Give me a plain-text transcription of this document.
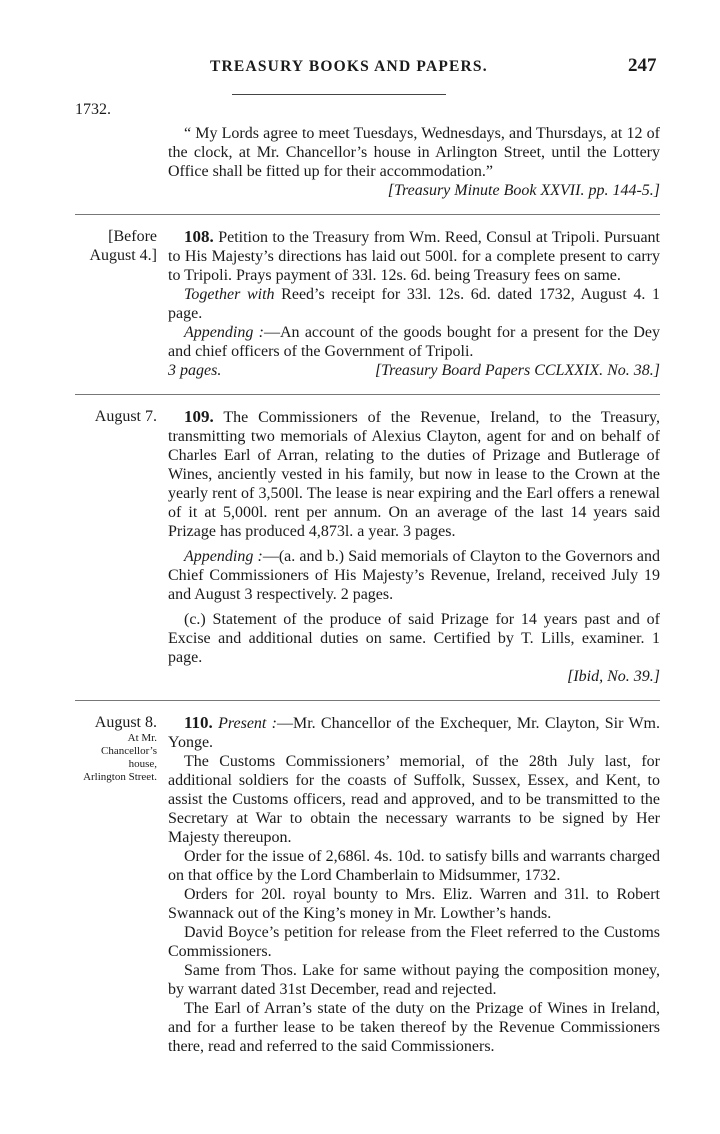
TREASURY BOOKS AND PAPERS.	247
1732.

“ My Lords agree to meet Tuesdays, Wednesdays, and Thursdays, at 12 of the clock, at Mr. Chancellor’s house in Arlington Street, until the Lottery Office shall be fitted up for their accommodation.”

[Treasury Minute Book XXVII. pp. 144-5.]
[Before
August 4.]

108. Petition to the Treasury from Wm. Reed, Consul at Tripoli. Pursuant to His Majesty’s directions has laid out 500l. for a complete present to carry to Tripoli. Prays payment of 33l. 12s. 6d. being Treasury fees on same.

Together with Reed’s receipt for 33l. 12s. 6d. dated 1732, August 4. 1 page.

Appending :—An account of the goods bought for a present for the Dey and chief officers of the Government of Tripoli.

3 pages.	[Treasury Board Papers CCLXXIX. No. 38.]
August 7.	109. The Commissioners of the Revenue, Ireland, to the Treasury, transmitting two memorials of Alexius Clayton, agent for and on behalf of Charles Earl of Arran, relating to the duties of Prizage and Butlerage of Wines, anciently vested in his family, but now in lease to the Crown at the yearly rent of 3,500l. The lease is near expiring and the Earl offers a renewal of it at 5,000l. rent per annum. On an average of the last 14 years said Prizage has produced 4,873l. a year. 3 pages.

Appending :—(a. and b.) Said memorials of Clayton to the Governors and Chief Commissioners of His Majesty’s Revenue, Ireland, received July 19 and August 3 respectively. 2 pages.

(c.) Statement of the produce of said Prizage for 14 years past and of Excise and additional duties on same. Certified by T. Lills, examiner. 1 page.

[Ibid, No. 39.]
August 8.
At Mr.
Chancellor’s
house,
Arlington Street.

110. Present :—Mr. Chancellor of the Exchequer, Mr. Clayton, Sir Wm. Yonge.

The Customs Commissioners’ memorial, of the 28th July last, for additional soldiers for the coasts of Suffolk, Sussex, Essex, and Kent, to assist the Customs officers, read and approved, and to be transmitted to the Secretary at War to obtain the necessary warrants to be signed by Her Majesty thereupon.

Order for the issue of 2,686l. 4s. 10d. to satisfy bills and warrants charged on that office by the Lord Chamberlain to Midsummer, 1732.

Orders for 20l. royal bounty to Mrs. Eliz. Warren and 31l. to Robert Swannack out of the King’s money in Mr. Lowther’s hands.

David Boyce’s petition for release from the Fleet referred to the Customs Commissioners.

Same from Thos. Lake for same without paying the composition money, by warrant dated 31st December, read and rejected.

The Earl of Arran’s state of the duty on the Prizage of Wines in Ireland, and for a further lease to be taken thereof by the Revenue Commissioners there, read and referred to the said Commissioners.
